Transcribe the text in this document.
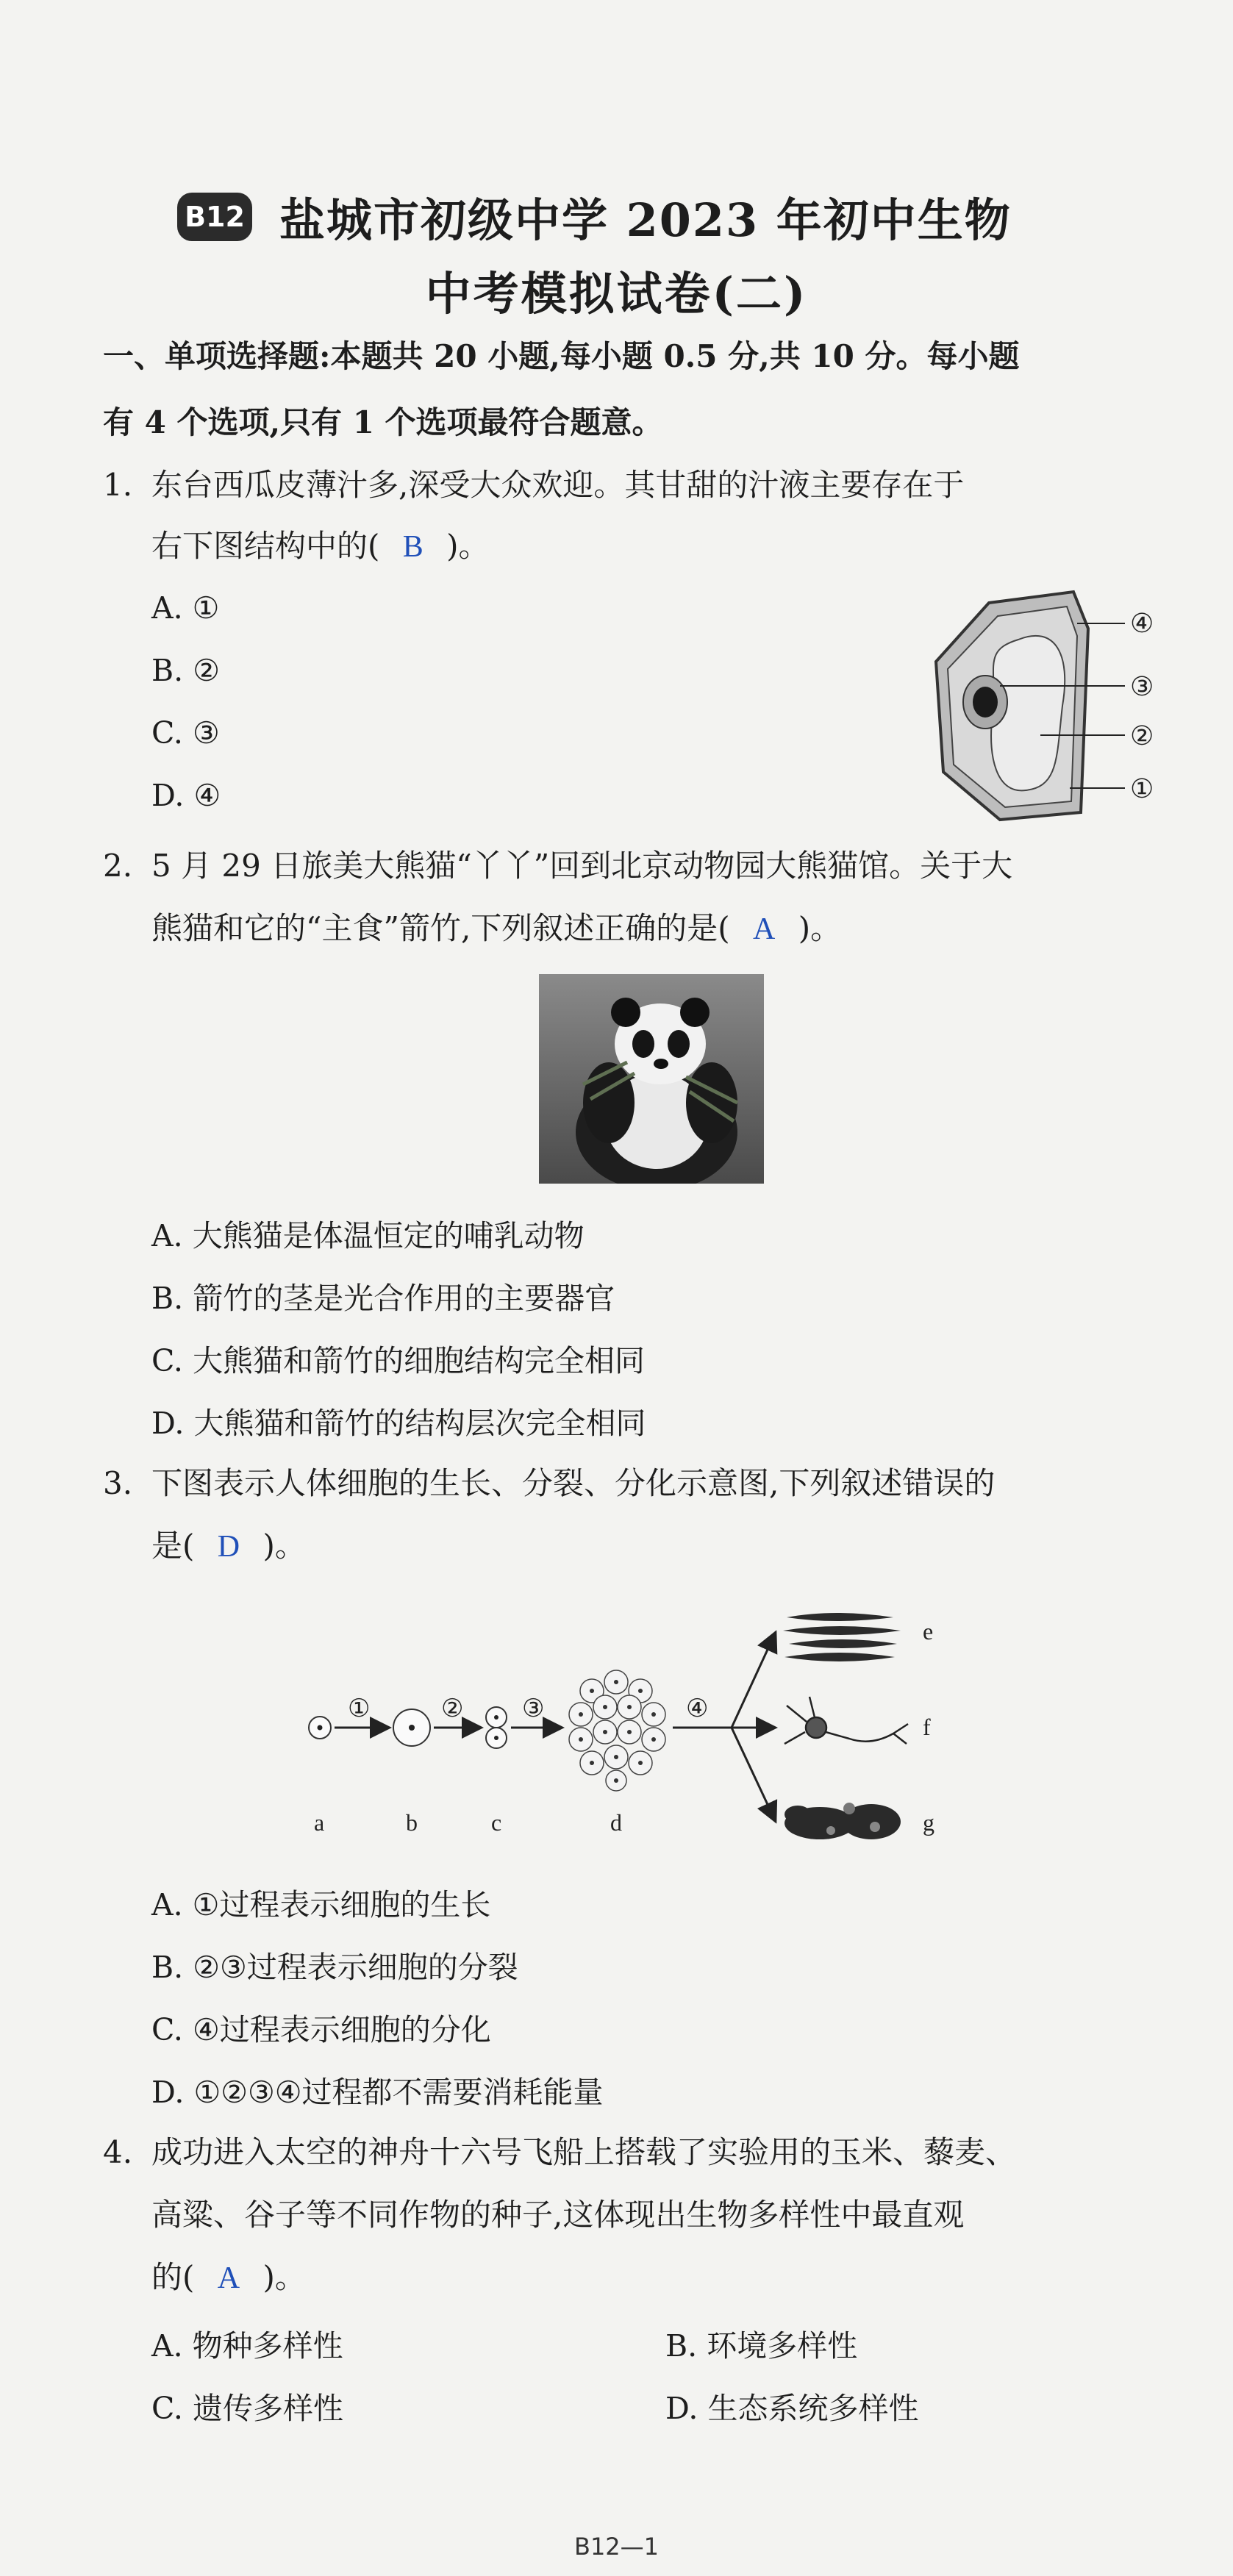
B12 盐城市初级中学 2023 年初中生物
中考模拟试卷(二)
一、单项选择题:本题共 20 小题,每小题 0.5 分,共 10 分。每小题
有 4 个选项,只有 1 个选项最符合题意。
1. 东台西瓜皮薄汁多,深受大众欢迎。其甘甜的汁液主要存在于
右下图结构中的( B )。
A. ①
B. ②
C. ③
D. ④
④
③
②
①
2. 5 月 29 日旅美大熊猫“丫丫”回到北京动物园大熊猫馆。关于大
熊猫和它的“主食”箭竹,下列叙述正确的是( A )。
A. 大熊猫是体温恒定的哺乳动物
B. 箭竹的茎是光合作用的主要器官
C. 大熊猫和箭竹的细胞结构完全相同
D. 大熊猫和箭竹的结构层次完全相同
3. 下图表示人体细胞的生长、分裂、分化示意图,下列叙述错误的
是( D )。
①	② ③	④
e
f
g
a	b	c	d
A. ①过程表示细胞的生长
B. ②③过程表示细胞的分裂
C. ④过程表示细胞的分化
D. ①②③④过程都不需要消耗能量
4. 成功进入太空的神舟十六号飞船上搭载了实验用的玉米、藜麦、
高粱、谷子等不同作物的种子,这体现出生物多样性中最直观
的( A )。
A. 物种多样性	B. 环境多样性
C. 遗传多样性	D. 生态系统多样性
B12—1
